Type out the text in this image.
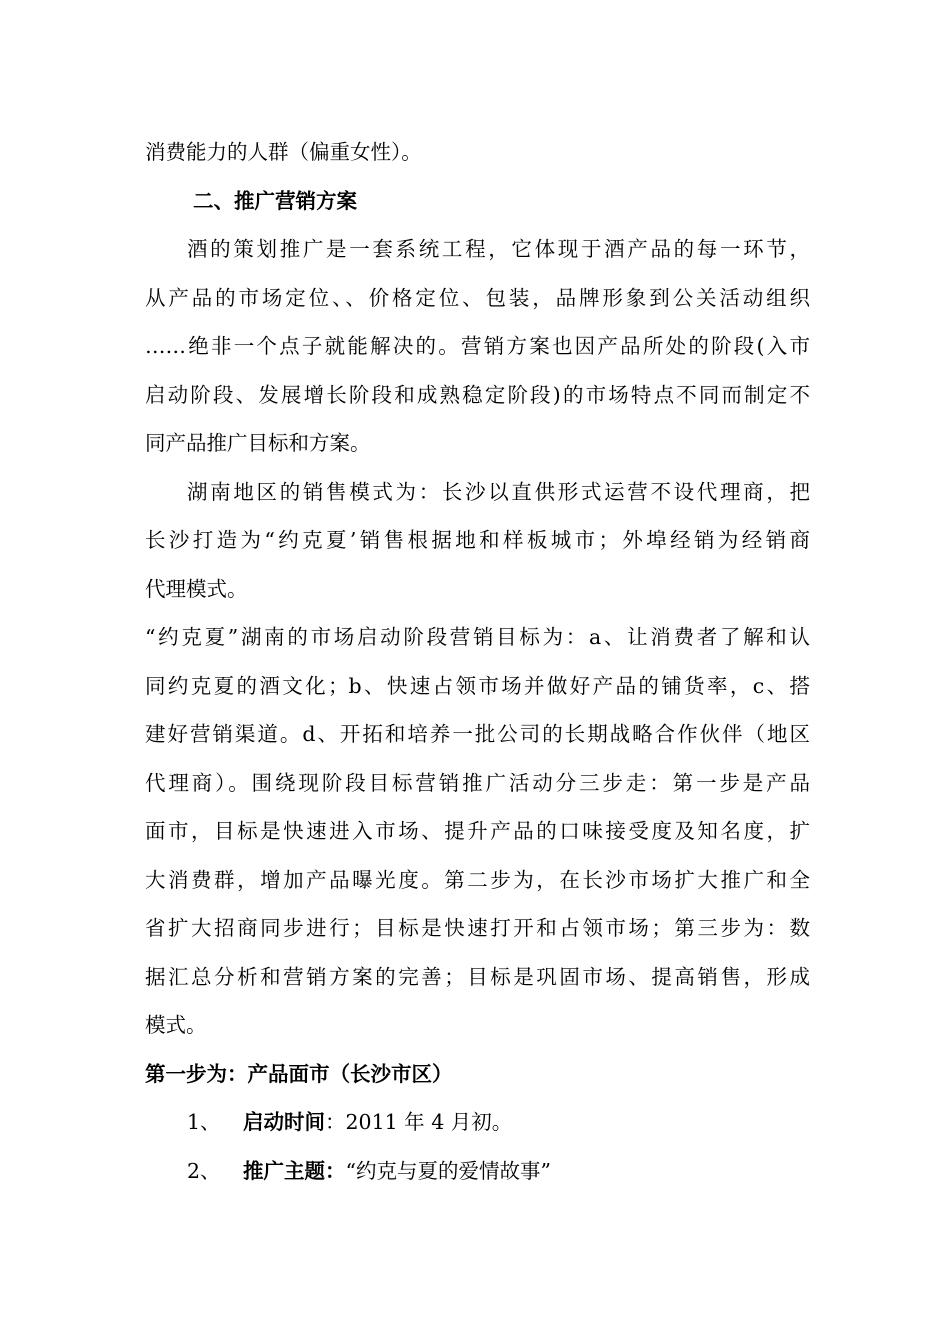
消费能力的人群（偏重女性）。
二、推广营销方案
酒的策划推广是一套系统工程，它体现于酒产品的每一环节，
从产品的市场定位、、价格定位、包装，品牌形象到公关活动组织
……绝非一个点子就能解决的。营销方案也因产品所处的阶段(入市
启动阶段、发展增长阶段和成熟稳定阶段)的市场特点不同而制定不
同产品推广目标和方案。
湖南地区的销售模式为：长沙以直供形式运营不设代理商，把
长沙打造为“约克夏’销售根据地和样板城市；外埠经销为经销商
代理模式。
“约克夏”湖南的市场启动阶段营销目标为：a、让消费者了解和认
同约克夏的酒文化；b、快速占领市场并做好产品的铺货率，c、搭
建好营销渠道。d、开拓和培养一批公司的长期战略合作伙伴（地区
代理商）。围绕现阶段目标营销推广活动分三步走：第一步是产品
面市，目标是快速进入市场、提升产品的口味接受度及知名度，扩
大消费群，增加产品曝光度。第二步为，在长沙市场扩大推广和全
省扩大招商同步进行；目标是快速打开和占领市场；第三步为：数
据汇总分析和营销方案的完善；目标是巩固市场、提高销售，形成
模式。
第一步为：产品面市（长沙市区）
1、 启动时间：2011 年 4 月初。
2、 推广主题：“约克与夏的爱情故事”
